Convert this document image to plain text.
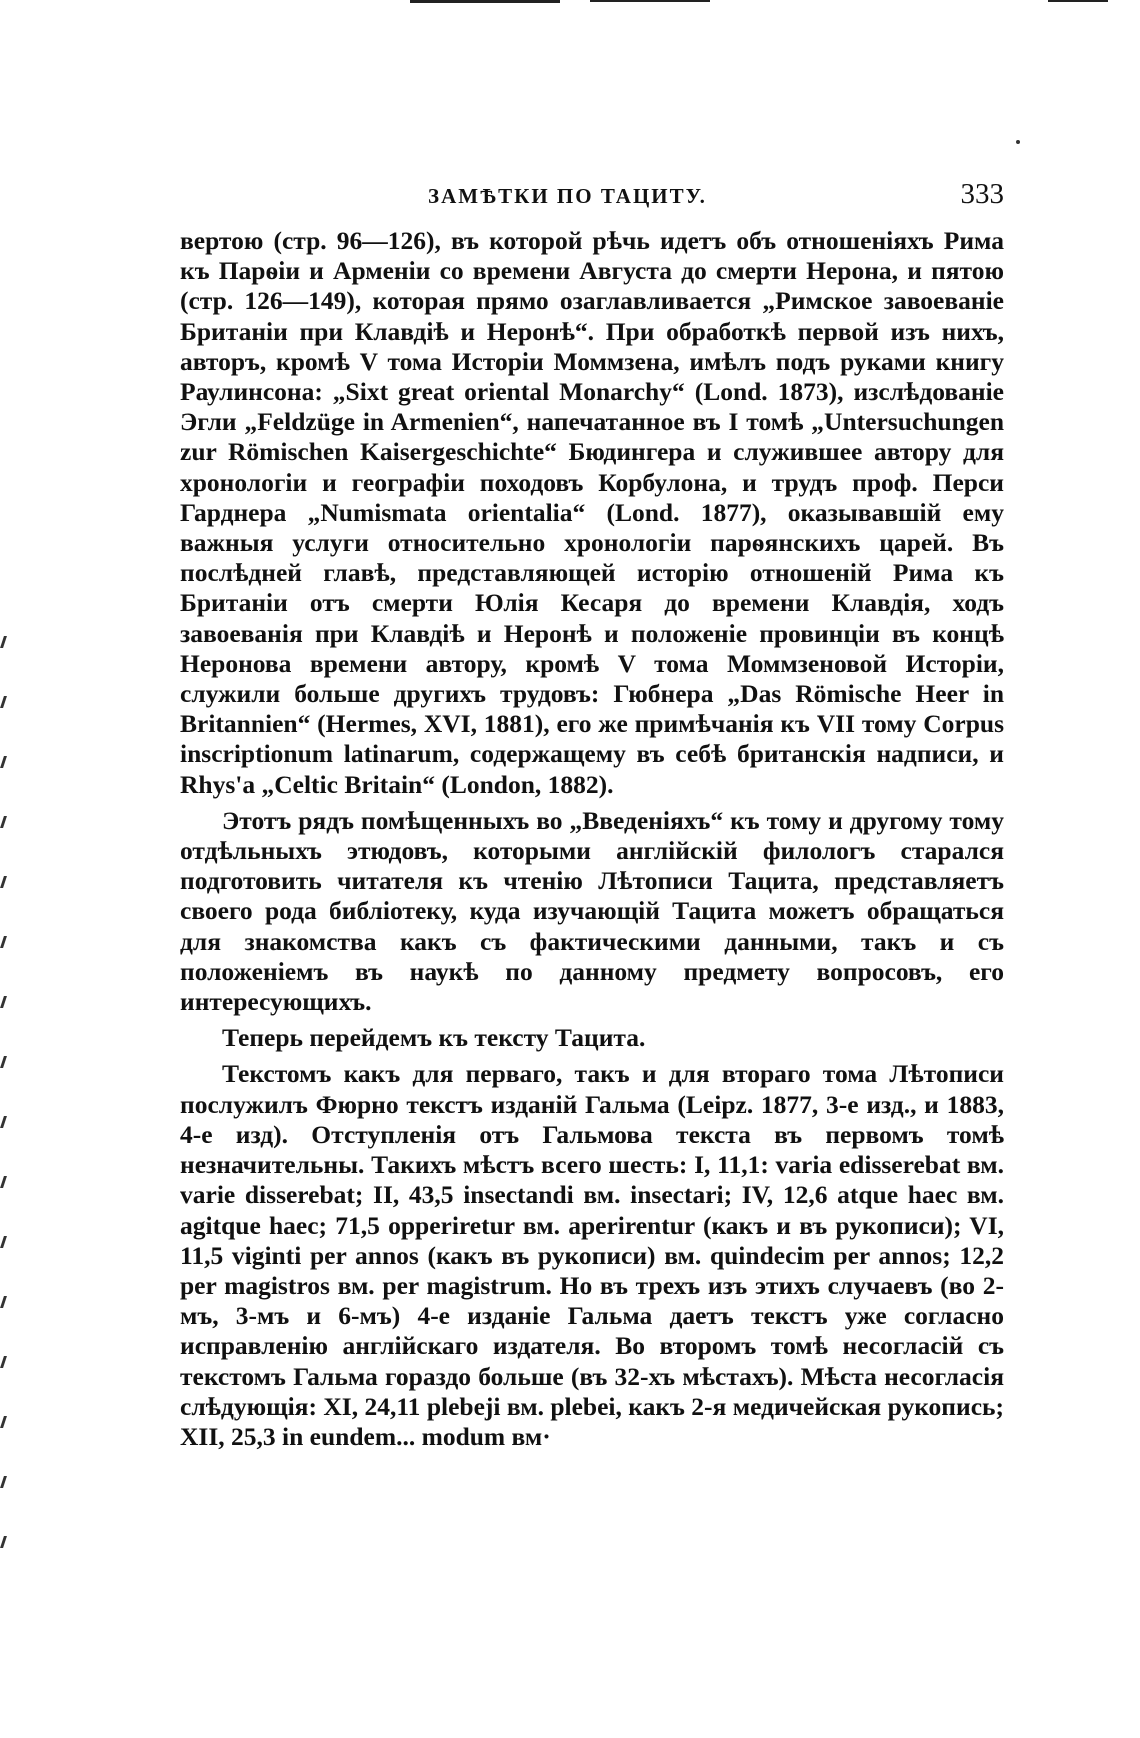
ЗАМѢТКИ ПО ТАЦИТУ.	333

вертою (стр. 96—126), въ которой рѣчь идетъ объ отношеніяхъ Рима къ Парѳіи и Арменіи со времени Августа до смерти Нерона, и пятою (стр. 126—149), которая прямо озаглавливается „Римское завоеваніе Британіи при Клавдіѣ и Неронѣ“. При обработкѣ первой изъ нихъ, авторъ, кромѣ V тома Исторіи Моммзена, имѣлъ подъ руками книгу Раулинсона: „Sixt great oriental Monarchy“ (Lond. 1873), изслѣдованіе Эгли „Feldzüge in Armenien“, напечатанное въ I томѣ „Untersuchungen zur Römischen Kaisergeschichte“ Бюдингера и служившее автору для хронологіи и географіи походовъ Корбулона, и трудъ проф. Перси Гарднера „Numismata orientalia“ (Lond. 1877), оказывавшій ему важныя услуги относительно хронологіи парѳянскихъ царей. Въ послѣдней главѣ, представляющей исторію отношеній Рима къ Британіи отъ смерти Юлія Кесаря до времени Клавдія, ходъ завоеванія при Клавдіѣ и Неронѣ и положеніе провинціи въ концѣ Неронова времени автору, кромѣ V тома Моммзеновой Исторіи, служили больше другихъ трудовъ: Гюбнера „Das Römische Heer in Britannien“ (Hermes, XVI, 1881), его же примѣчанія къ VII тому Corpus inscriptionum latinarum, содержащему въ себѣ британскія надписи, и Rhys'a „Celtic Britain“ (London, 1882).

Этотъ рядъ помѣщенныхъ во „Введеніяхъ“ къ тому и другому тому отдѣльныхъ этюдовъ, которыми англійскій филологъ старался подготовить читателя къ чтенію Лѣтописи Тацита, представляетъ своего рода библіотеку, куда изучающій Тацита можетъ обращаться для знакомства какъ съ фактическими данными, такъ и съ положеніемъ въ наукѣ по данному предмету вопросовъ, его интересующихъ.

Теперь перейдемъ къ тексту Тацита.

Текстомъ какъ для перваго, такъ и для втораго тома Лѣтописи послужилъ Фюрно текстъ изданій Гальма (Leipz. 1877, 3-е изд., и 1883, 4-е изд). Отступленія отъ Гальмова текста въ первомъ томѣ незначительны. Такихъ мѣстъ всего шесть: I, 11,1: varia edisserebat вм. varie disserebat; II, 43,5 insectandi вм. insectari; IV, 12,6 atque haec вм. agitque haec; 71,5 opperiretur вм. aperirentur (какъ и въ рукописи); VI, 11,5 viginti per annos (какъ въ рукописи) вм. quindecim per annos; 12,2 per magistros вм. per magistrum. Но въ трехъ изъ этихъ случаевъ (во 2-мъ, 3-мъ и 6-мъ) 4-е изданіе Гальма даетъ текстъ уже согласно исправленію англійскаго издателя. Во второмъ томѣ несогласій съ текстомъ Гальма гораздо больше (въ 32-хъ мѣстахъ). Мѣста несогласія слѣдующія: XI, 24,11 plebeji вм. plebei, какъ 2-я медичейская рукопись; XII, 25,3 in eundem... modum вм·
